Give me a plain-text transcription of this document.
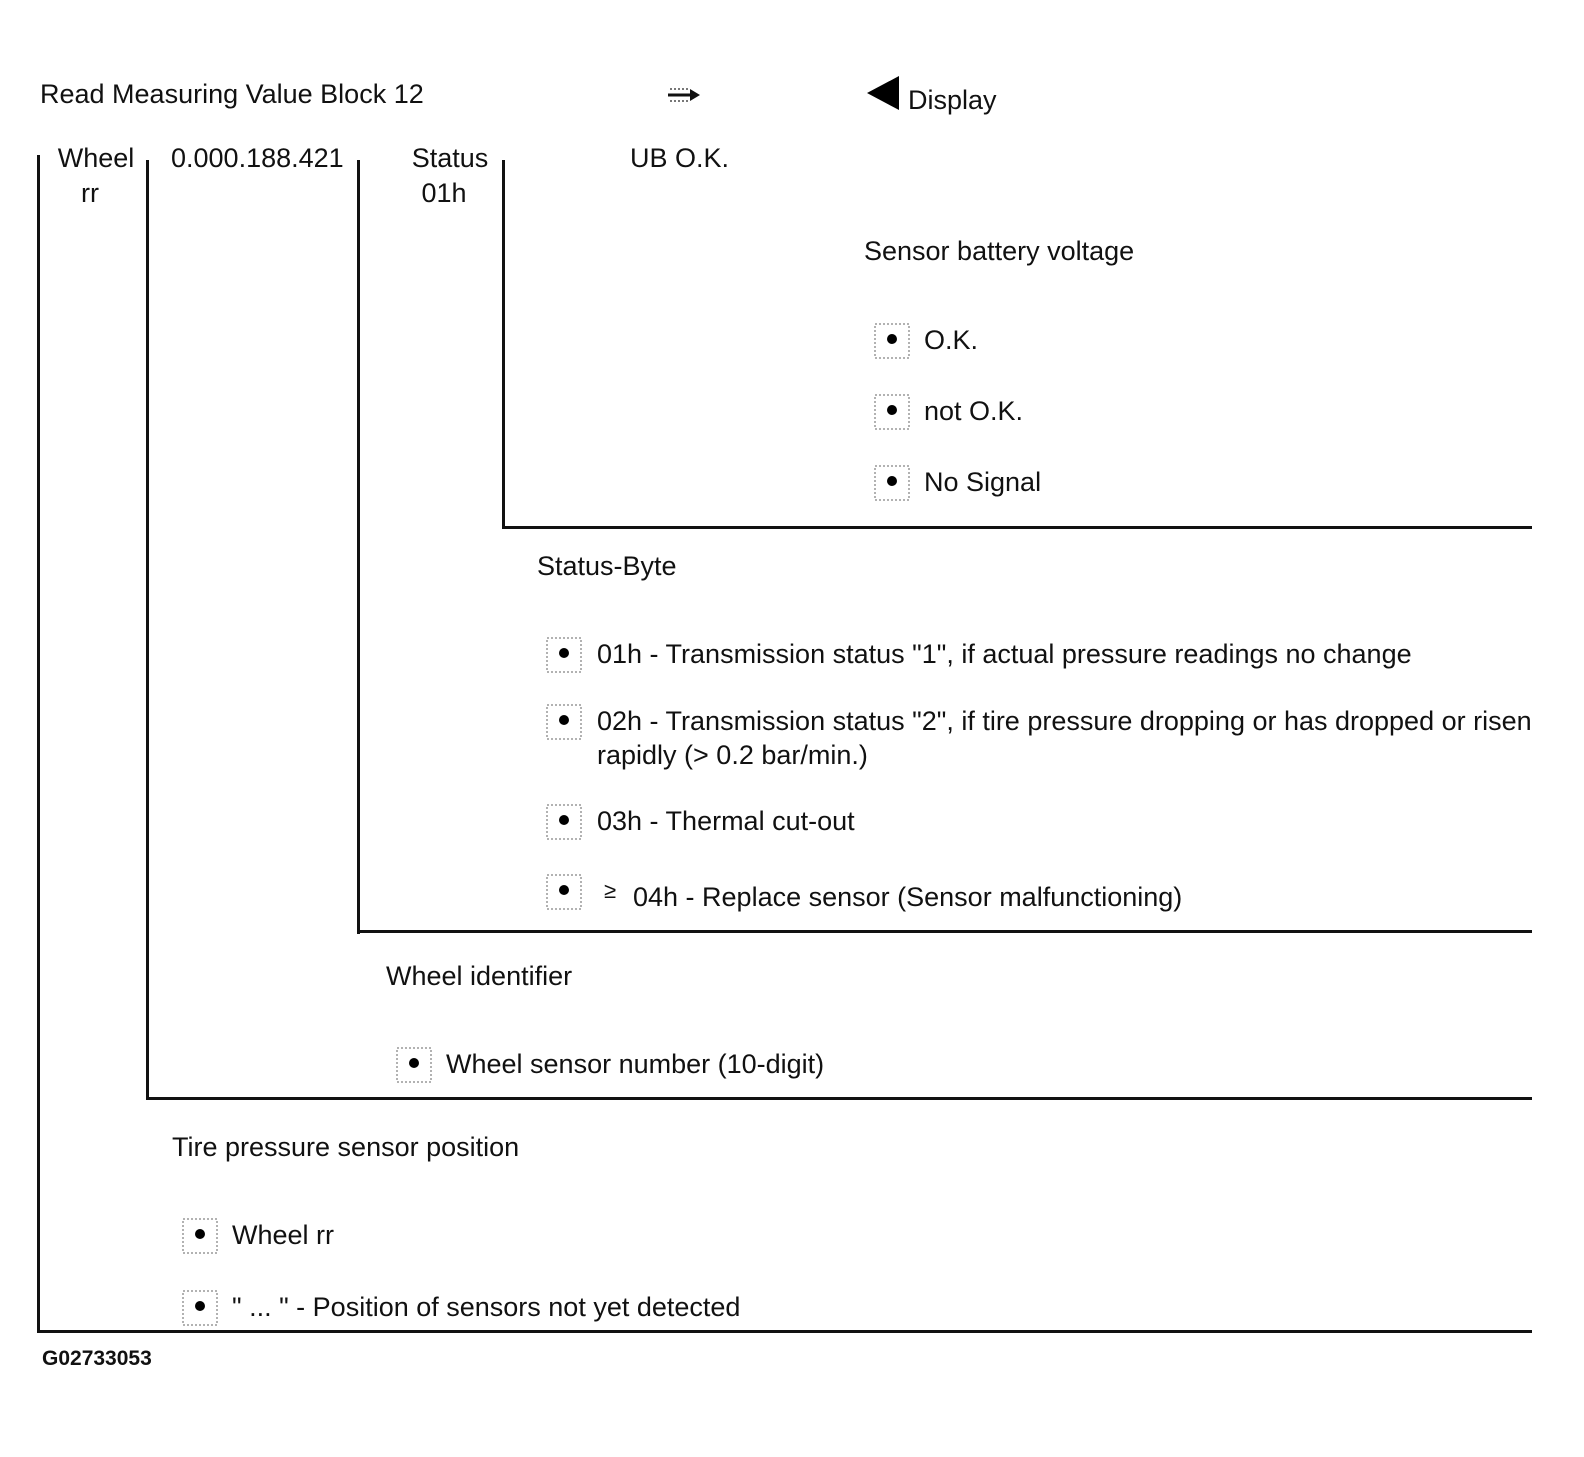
Read Measuring Value Block 12	Display
Wheel
rr
0.000.188.421	Status
01h
UB O.K.
Sensor battery voltage
O.K.
not O.K.
No Signal
Status-Byte
01h - Transmission status "1", if actual pressure readings no change
02h - Transmission status "2", if tire pressure dropping or has dropped or risen rapidly (> 0.2 bar/min.)
03h - Thermal cut-out
≥ 04h - Replace sensor (Sensor malfunctioning)
Wheel identifier
Wheel sensor number (10-digit)
Tire pressure sensor position
Wheel rr
" ... " - Position of sensors not yet detected
G02733053
